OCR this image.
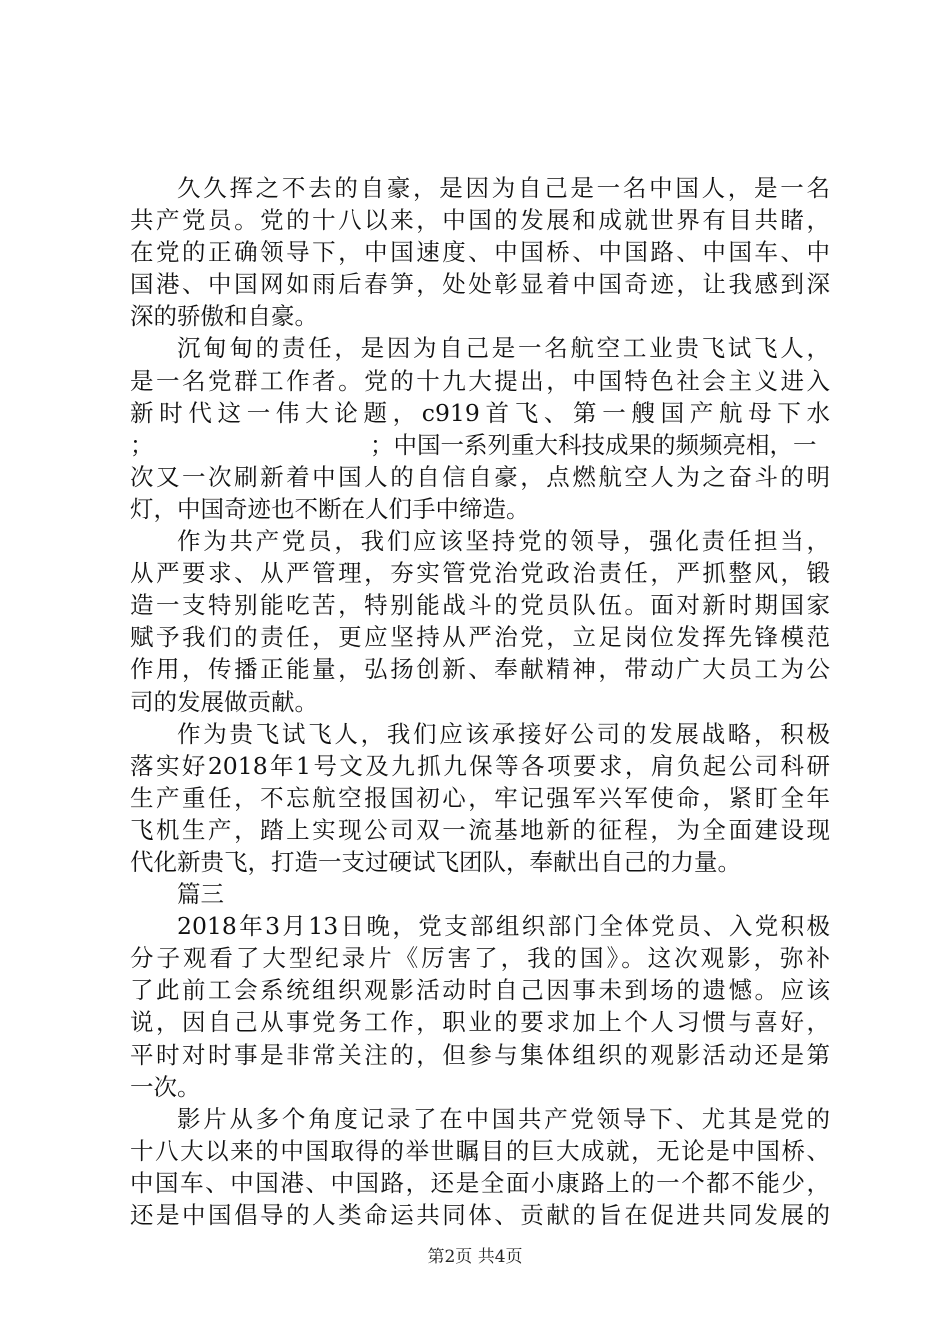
久久挥之不去的自豪，是因为自己是一名中国人，是一名
共产党员。党的十八以来，中国的发展和成就世界有目共睹，
在党的正确领导下，中国速度、中国桥、中国路、中国车、中
国港、中国网如雨后春笋，处处彰显着中国奇迹，让我感到深
深的骄傲和自豪。
沉甸甸的责任，是因为自己是一名航空工业贵飞试飞人，
是一名党群工作者。党的十九大提出，中国特色社会主义进入
新时代这一伟大论题，c919首飞、第一艘国产航母下水
；	；中国一系列重大科技成果的频频亮相，一
次又一次刷新着中国人的自信自豪，点燃航空人为之奋斗的明
灯，中国奇迹也不断在人们手中缔造。
作为共产党员，我们应该坚持党的领导，强化责任担当，
从严要求、从严管理，夯实管党治党政治责任，严抓整风，锻
造一支特别能吃苦，特别能战斗的党员队伍。面对新时期国家
赋予我们的责任，更应坚持从严治党，立足岗位发挥先锋模范
作用，传播正能量，弘扬创新、奉献精神，带动广大员工为公
司的发展做贡献。
作为贵飞试飞人，我们应该承接好公司的发展战略，积极
落实好2018年1号文及九抓九保等各项要求，肩负起公司科研
生产重任，不忘航空报国初心，牢记强军兴军使命，紧盯全年
飞机生产，踏上实现公司双一流基地新的征程，为全面建设现
代化新贵飞，打造一支过硬试飞团队，奉献出自己的力量。
篇三
2018年3月13日晚，党支部组织部门全体党员、入党积极
分子观看了大型纪录片《厉害了，我的国》。这次观影，弥补
了此前工会系统组织观影活动时自己因事未到场的遗憾。应该
说，因自己从事党务工作，职业的要求加上个人习惯与喜好，
平时对时事是非常关注的，但参与集体组织的观影活动还是第
一次。
影片从多个角度记录了在中国共产党领导下、尤其是党的
十八大以来的中国取得的举世瞩目的巨大成就，无论是中国桥、
中国车、中国港、中国路，还是全面小康路上的一个都不能少，
还是中国倡导的人类命运共同体、贡献的旨在促进共同发展的
第2页 共4页
